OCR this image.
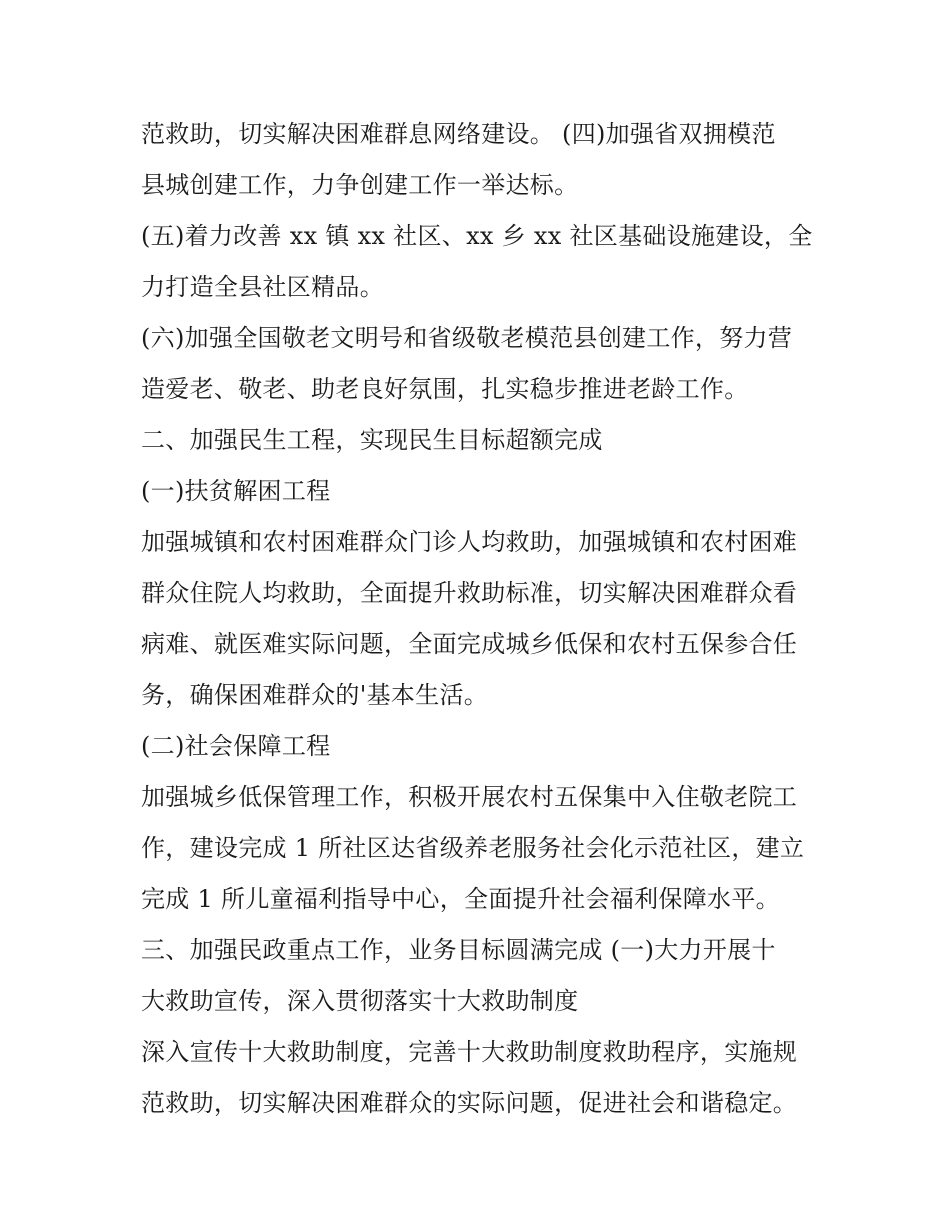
范救助，切实解决困难群息网络建设。 (四)加强省双拥模范
县城创建工作，力争创建工作一举达标。
(五)着力改善 xx 镇 xx 社区、xx 乡 xx 社区基础设施建设，全
力打造全县社区精品。
(六)加强全国敬老文明号和省级敬老模范县创建工作，努力营
造爱老、敬老、助老良好氛围，扎实稳步推进老龄工作。
二、加强民生工程，实现民生目标超额完成
(一)扶贫解困工程
加强城镇和农村困难群众门诊人均救助，加强城镇和农村困难
群众住院人均救助，全面提升救助标准，切实解决困难群众看
病难、就医难实际问题，全面完成城乡低保和农村五保参合任
务，确保困难群众的'基本生活。
(二)社会保障工程
加强城乡低保管理工作，积极开展农村五保集中入住敬老院工
作，建设完成 1 所社区达省级养老服务社会化示范社区，建立
完成 1 所儿童福利指导中心，全面提升社会福利保障水平。
三、加强民政重点工作，业务目标圆满完成 (一)大力开展十
大救助宣传，深入贯彻落实十大救助制度
深入宣传十大救助制度，完善十大救助制度救助程序，实施规
范救助，切实解决困难群众的实际问题，促进社会和谐稳定。
